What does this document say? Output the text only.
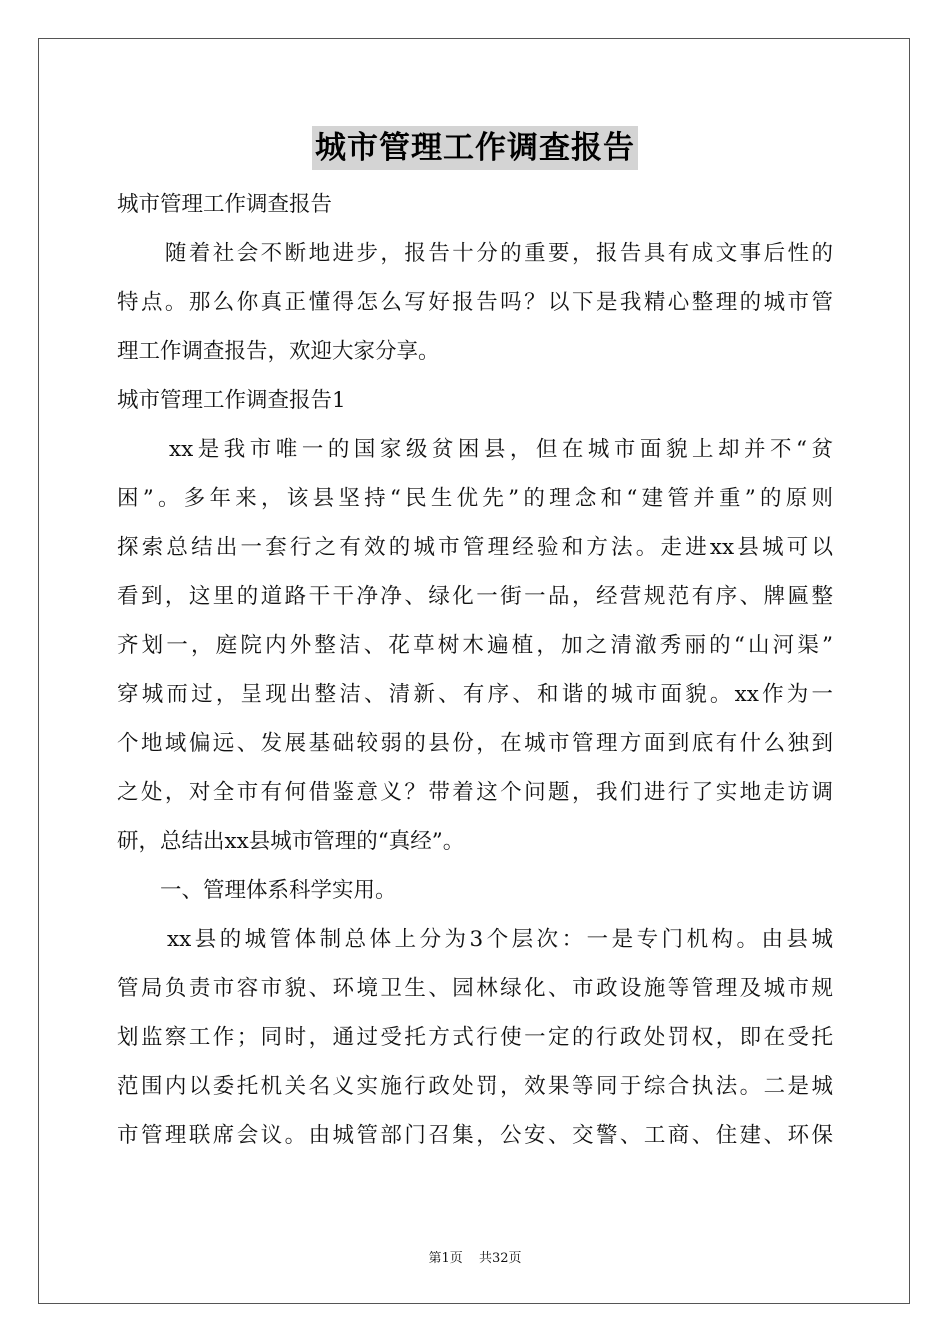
城市管理工作调查报告
城市管理工作调查报告
　　随着社会不断地进步，报告十分的重要，报告具有成文事后性的
特点。那么你真正懂得怎么写好报告吗？以下是我精心整理的城市管
理工作调查报告，欢迎大家分享。
城市管理工作调查报告1
　　xx是我市唯一的国家级贫困县，但在城市面貌上却并不“贫
困”。多年来，该县坚持“民生优先”的理念和“建管并重”的原则
探索总结出一套行之有效的城市管理经验和方法。走进xx县城可以
看到，这里的道路干干净净、绿化一街一品，经营规范有序、牌匾整
齐划一，庭院内外整洁、花草树木遍植，加之清澈秀丽的“山河渠”
穿城而过，呈现出整洁、清新、有序、和谐的城市面貌。xx作为一
个地域偏远、发展基础较弱的县份，在城市管理方面到底有什么独到
之处，对全市有何借鉴意义？带着这个问题，我们进行了实地走访调
研，总结出xx县城市管理的“真经”。
　　一、管理体系科学实用。
　　xx县的城管体制总体上分为3个层次：一是专门机构。由县城
管局负责市容市貌、环境卫生、园林绿化、市政设施等管理及城市规
划监察工作；同时，通过受托方式行使一定的行政处罚权，即在受托
范围内以委托机关名义实施行政处罚，效果等同于综合执法。二是城
市管理联席会议。由城管部门召集，公安、交警、工商、住建、环保
第1页 共32页
